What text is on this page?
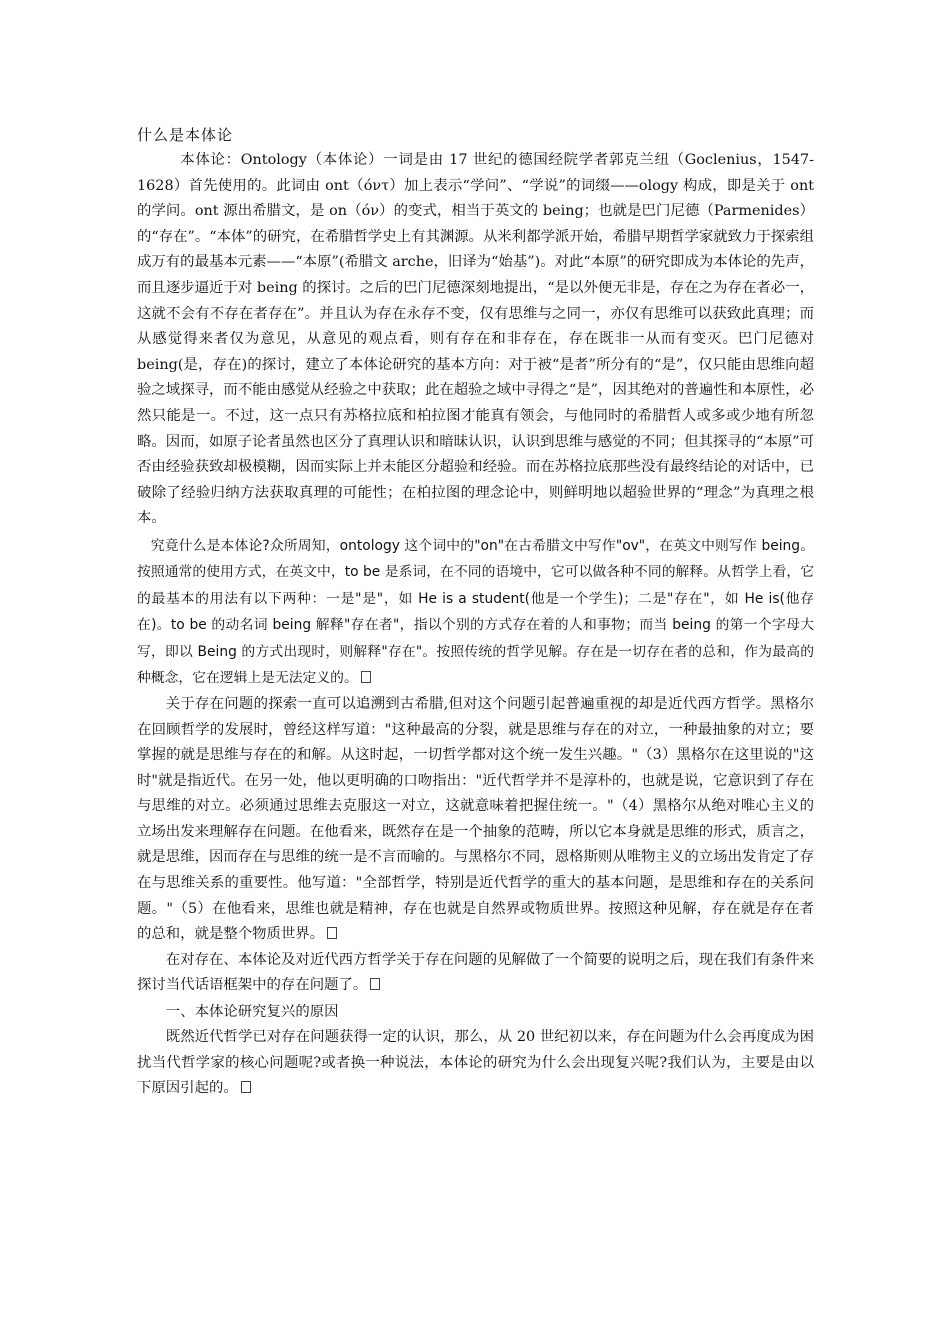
什么是本体论

本体论：Ontology（本体论）一词是由 17 世纪的德国经院学者郭克兰纽（Goclenius，1547-1628）首先使用的。此词由 ont（όντ）加上表示“学问”、“学说”的词缀——ology 构成，即是关于 ont 的学问。ont 源出希腊文，是 on（όν）的变式，相当于英文的 being；也就是巴门尼德（Parmenides）的“存在”。“本体”的研究，在希腊哲学史上有其渊源。从米利都学派开始，希腊早期哲学家就致力于探索组成万有的最基本元素——“本原”(希腊文 arche，旧译为“始基”)。对此“本原”的研究即成为本体论的先声，而且逐步逼近于对 being 的探讨。之后的巴门尼德深刻地提出，“是以外便无非是，存在之为存在者必一，这就不会有不存在者存在”。并且认为存在永存不变，仅有思维与之同一，亦仅有思维可以获致此真理；而从感觉得来者仅为意见，从意见的观点看，则有存在和非存在，存在既非一从而有变灭。巴门尼德对 being(是，存在)的探讨，建立了本体论研究的基本方向：对于被“是者”所分有的“是”，仅只能由思维向超验之域探寻，而不能由感觉从经验之中获取；此在超验之域中寻得之“是”，因其绝对的普遍性和本原性，必然只能是一。不过，这一点只有苏格拉底和柏拉图才能真有领会，与他同时的希腊哲人或多或少地有所忽略。因而，如原子论者虽然也区分了真理认识和暗昧认识，认识到思维与感觉的不同；但其探寻的“本原”可否由经验获致却极模糊，因而实际上并未能区分超验和经验。而在苏格拉底那些没有最终结论的对话中，已破除了经验归纳方法获取真理的可能性；在柏拉图的理念论中，则鲜明地以超验世界的“理念”为真理之根本。

究竟什么是本体论?众所周知，ontology 这个词中的"on"在古希腊文中写作"ov"，在英文中则写作 being。按照通常的使用方式，在英文中，to be 是系词，在不同的语境中，它可以做各种不同的解释。从哲学上看，它的最基本的用法有以下两种：一是"是"，如 He is a student(他是一个学生)；二是"存在"，如 He is(他存在)。to be 的动名词 being 解释"存在者"，指以个别的方式存在着的人和事物；而当 being 的第一个字母大写，即以 Being 的方式出现时，则解释"存在"。按照传统的哲学见解。存在是一切存在者的总和，作为最高的种概念，它在逻辑上是无法定义的。

关于存在问题的探索一直可以追溯到古希腊,但对这个问题引起普遍重视的却是近代西方哲学。黑格尔在回顾哲学的发展时，曾经这样写道："这种最高的分裂，就是思维与存在的对立，一种最抽象的对立；要掌握的就是思维与存在的和解。从这时起，一切哲学都对这个统一发生兴趣。"（3）黑格尔在这里说的"这时"就是指近代。在另一处，他以更明确的口吻指出："近代哲学并不是淳朴的，也就是说，它意识到了存在与思维的对立。必须通过思维去克服这一对立，这就意味着把握住统一。"（4）黑格尔从绝对唯心主义的立场出发来理解存在问题。在他看来，既然存在是一个抽象的范畴，所以它本身就是思维的形式，质言之，就是思维，因而存在与思维的统一是不言而喻的。与黑格尔不同，恩格斯则从唯物主义的立场出发肯定了存在与思维关系的重要性。他写道："全部哲学，特别是近代哲学的重大的基本问题，是思维和存在的关系问题。"（5）在他看来，思维也就是精神，存在也就是自然界或物质世界。按照这种见解，存在就是存在者的总和，就是整个物质世界。

在对存在、本体论及对近代西方哲学关于存在问题的见解做了一个简要的说明之后，现在我们有条件来探讨当代话语框架中的存在问题了。

一、本体论研究复兴的原因

既然近代哲学已对存在问题获得一定的认识，那么，从 20 世纪初以来，存在问题为什么会再度成为困扰当代哲学家的核心问题呢?或者换一种说法，本体论的研究为什么会出现复兴呢?我们认为，主要是由以下原因引起的。
